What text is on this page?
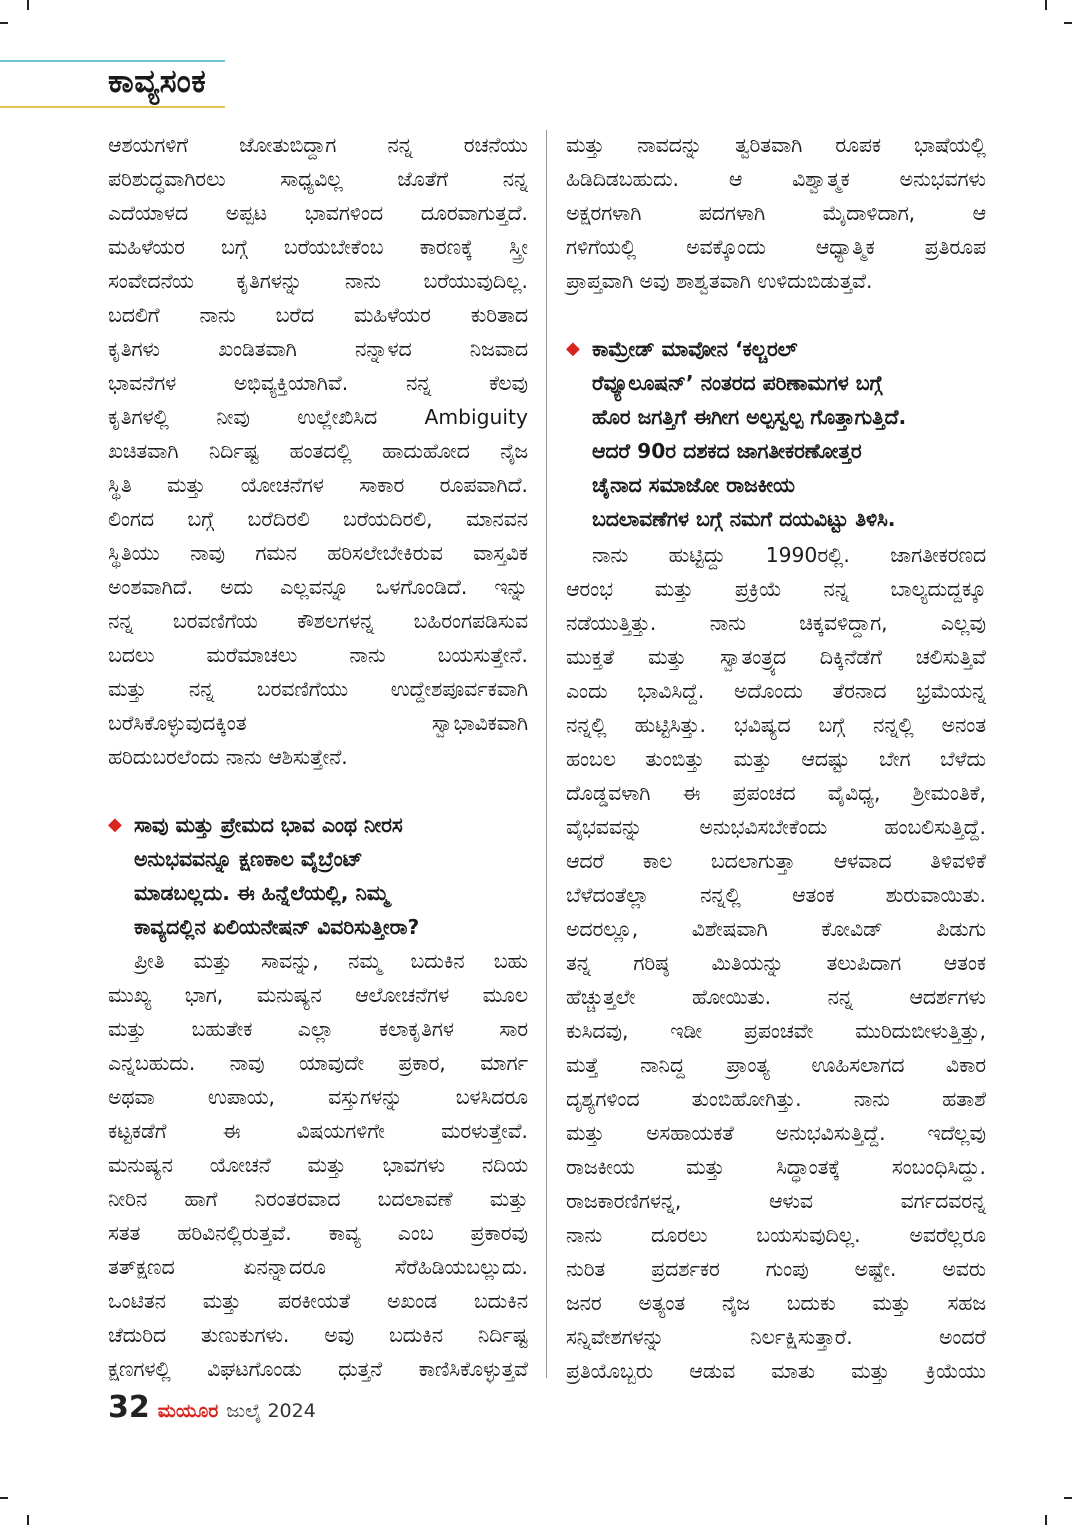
ಕಾವ್ಯಸಂಕ

ಆಶಯಗಳಿಗೆ ಜೋತುಬಿದ್ದಾಗ ನನ್ನ ರಚನೆಯು

ಪರಿಶುದ್ಧವಾಗಿರಲು ಸಾಧ್ಯವಿಲ್ಲ ಜೊತೆಗೆ ನನ್ನ

ಎದೆಯಾಳದ ಅಪ್ಪಟ ಭಾವಗಳಿಂದ ದೂರವಾಗುತ್ತದೆ.

ಮಹಿಳೆಯರ ಬಗ್ಗೆ ಬರೆಯಬೇಕೆಂಬ ಕಾರಣಕ್ಕೆ ಸ್ತ್ರೀ

ಸಂವೇದನೆಯ ಕೃತಿಗಳನ್ನು ನಾನು ಬರೆಯುವುದಿಲ್ಲ.

ಬದಲಿಗೆ ನಾನು ಬರೆದ ಮಹಿಳೆಯರ ಕುರಿತಾದ

ಕೃತಿಗಳು ಖಂಡಿತವಾಗಿ ನನ್ನಾಳದ ನಿಜವಾದ

ಭಾವನೆಗಳ ಅಭಿವ್ಯಕ್ತಿಯಾಗಿವೆ. ನನ್ನ ಕೆಲವು

ಕೃತಿಗಳಲ್ಲಿ ನೀವು ಉಲ್ಲೇಖಿಸಿದ Ambiguity

ಖಚಿತವಾಗಿ ನಿರ್ದಿಷ್ಟ ಹಂತದಲ್ಲಿ ಹಾದುಹೋದ ನೈಜ

ಸ್ಥಿತಿ ಮತ್ತು ಯೋಚನೆಗಳ ಸಾಕಾರ ರೂಪವಾಗಿದೆ.

ಲಿಂಗದ ಬಗ್ಗೆ ಬರೆದಿರಲಿ ಬರೆಯದಿರಲಿ, ಮಾನವನ

ಸ್ಥಿತಿಯು ನಾವು ಗಮನ ಹರಿಸಲೇಬೇಕಿರುವ ವಾಸ್ತವಿಕ

ಅಂಶವಾಗಿದೆ. ಅದು ಎಲ್ಲವನ್ನೂ ಒಳಗೊಂಡಿದೆ. ಇನ್ನು

ನನ್ನ ಬರವಣಿಗೆಯ ಕೌಶಲಗಳನ್ನ ಬಹಿರಂಗಪಡಿಸುವ

ಬದಲು ಮರೆಮಾಚಲು ನಾನು ಬಯಸುತ್ತೇನೆ.

ಮತ್ತು ನನ್ನ ಬರವಣಿಗೆಯು ಉದ್ದೇಶಪೂರ್ವಕವಾಗಿ

ಬರೆಸಿಕೊಳ್ಳುವುದಕ್ಕಿಂತ ಸ್ವಾಭಾವಿಕವಾಗಿ

ಹರಿದುಬರಲೆಂದು ನಾನು ಆಶಿಸುತ್ತೇನೆ.

◆ ಸಾವು ಮತ್ತು ಪ್ರೇಮದ ಭಾವ ಎಂಥ ನೀರಸ
ಅನುಭವವನ್ನೂ ಕ್ಷಣಕಾಲ ವೈಬ್ರೆಂಟ್
ಮಾಡಬಲ್ಲದು. ಈ ಹಿನ್ನೆಲೆಯಲ್ಲಿ, ನಿಮ್ಮ
ಕಾವ್ಯದಲ್ಲಿನ ಏಲಿಯನೇಷನ್ ವಿವರಿಸುತ್ತೀರಾ?

ಪ್ರೀತಿ ಮತ್ತು ಸಾವನ್ನು, ನಮ್ಮ ಬದುಕಿನ ಬಹು

ಮುಖ್ಯ ಭಾಗ, ಮನುಷ್ಯನ ಆಲೋಚನೆಗಳ ಮೂಲ

ಮತ್ತು ಬಹುತೇಕ ಎಲ್ಲಾ ಕಲಾಕೃತಿಗಳ ಸಾರ

ಎನ್ನಬಹುದು. ನಾವು ಯಾವುದೇ ಪ್ರಕಾರ, ಮಾರ್ಗ

ಅಥವಾ ಉಪಾಯ, ವಸ್ತುಗಳನ್ನು ಬಳಸಿದರೂ

ಕಟ್ಟಕಡೆಗೆ ಈ ವಿಷಯಗಳಿಗೇ ಮರಳುತ್ತೇವೆ.

ಮನುಷ್ಯನ ಯೋಚನೆ ಮತ್ತು ಭಾವಗಳು ನದಿಯ

ನೀರಿನ ಹಾಗೆ ನಿರಂತರವಾದ ಬದಲಾವಣೆ ಮತ್ತು

ಸತತ ಹರಿವಿನಲ್ಲಿರುತ್ತವೆ. ಕಾವ್ಯ ಎಂಬ ಪ್ರಕಾರವು

ತತ್ಕ್ಷಣದ ಏನನ್ನಾದರೂ ಸೆರೆಹಿಡಿಯಬಲ್ಲುದು.

ಒಂಟಿತನ ಮತ್ತು ಪರಕೀಯತೆ ಅಖಂಡ ಬದುಕಿನ

ಚೆದುರಿದ ತುಣುಕುಗಳು. ಅವು ಬದುಕಿನ ನಿರ್ದಿಷ್ಟ

ಕ್ಷಣಗಳಲ್ಲಿ ವಿಘಟಗೊಂಡು ಧುತ್ತನೆ ಕಾಣಿಸಿಕೊಳ್ಳುತ್ತವೆ

ಮತ್ತು ನಾವದನ್ನು ತ್ವರಿತವಾಗಿ ರೂಪಕ ಭಾಷೆಯಲ್ಲಿ

ಹಿಡಿದಿಡಬಹುದು. ಆ ವಿಶ್ವಾತ್ಮಕ ಅನುಭವಗಳು

ಅಕ್ಷರಗಳಾಗಿ ಪದಗಳಾಗಿ ಮೈದಾಳಿದಾಗ, ಆ

ಗಳಿಗೆಯಲ್ಲಿ ಅವಕ್ಕೊಂದು ಆಧ್ಯಾತ್ಮಿಕ ಪ್ರತಿರೂಪ

ಪ್ರಾಪ್ತವಾಗಿ ಅವು ಶಾಶ್ವತವಾಗಿ ಉಳಿದುಬಿಡುತ್ತವೆ.

◆ ಕಾಮ್ರೇಡ್ ಮಾವೋನ ‘ಕಲ್ಚರಲ್
ರೆವ್ಯೂಲೂಷನ್’ ನಂತರದ ಪರಿಣಾಮಗಳ ಬಗ್ಗೆ
ಹೊರ ಜಗತ್ತಿಗೆ ಈಗೀಗ ಅಲ್ಪಸ್ವಲ್ಪ ಗೊತ್ತಾಗುತ್ತಿದೆ.
ಆದರೆ 90ರ ದಶಕದ ಜಾಗತೀಕರಣೋತ್ತರ
ಚೈನಾದ ಸಮಾಜೋ ರಾಜಕೀಯ
ಬದಲಾವಣೆಗಳ ಬಗ್ಗೆ ನಮಗೆ ದಯವಿಟ್ಟು ತಿಳಿಸಿ.

ನಾನು ಹುಟ್ಟಿದ್ದು 1990ರಲ್ಲಿ. ಜಾಗತೀಕರಣದ

ಆರಂಭ ಮತ್ತು ಪ್ರಕ್ರಿಯೆ ನನ್ನ ಬಾಲ್ಯದುದ್ದಕ್ಕೂ

ನಡೆಯುತ್ತಿತ್ತು. ನಾನು ಚಿಕ್ಕವಳಿದ್ದಾಗ, ಎಲ್ಲವು

ಮುಕ್ತತೆ ಮತ್ತು ಸ್ವಾತಂತ್ರ್ಯದ ದಿಕ್ಕಿನೆಡೆಗೆ ಚಲಿಸುತ್ತಿವೆ

ಎಂದು ಭಾವಿಸಿದ್ದೆ. ಅದೊಂದು ತೆರನಾದ ಭ್ರಮೆಯನ್ನ

ನನ್ನಲ್ಲಿ ಹುಟ್ಟಿಸಿತ್ತು. ಭವಿಷ್ಯದ ಬಗ್ಗೆ ನನ್ನಲ್ಲಿ ಅನಂತ

ಹಂಬಲ ತುಂಬಿತ್ತು ಮತ್ತು ಆದಷ್ಟು ಬೇಗ ಬೆಳೆದು

ದೊಡ್ಡವಳಾಗಿ ಈ ಪ್ರಪಂಚದ ವೈವಿಧ್ಯ, ಶ್ರೀಮಂತಿಕೆ,

ವೈಭವವನ್ನು ಅನುಭವಿಸಬೇಕೆಂದು ಹಂಬಲಿಸುತ್ತಿದ್ದೆ.

ಆದರೆ ಕಾಲ ಬದಲಾಗುತ್ತಾ ಆಳವಾದ ತಿಳಿವಳಿಕೆ

ಬೆಳೆದಂತೆಲ್ಲಾ ನನ್ನಲ್ಲಿ ಆತಂಕ ಶುರುವಾಯಿತು.

ಅದರಲ್ಲೂ, ವಿಶೇಷವಾಗಿ ಕೋವಿಡ್ ಪಿಡುಗು

ತನ್ನ ಗರಿಷ್ಠ ಮಿತಿಯನ್ನು ತಲುಪಿದಾಗ ಆತಂಕ

ಹೆಚ್ಚುತ್ತಲೇ ಹೋಯಿತು. ನನ್ನ ಆದರ್ಶಗಳು

ಕುಸಿದವು, ಇಡೀ ಪ್ರಪಂಚವೇ ಮುರಿದುಬೀಳುತ್ತಿತ್ತು,

ಮತ್ತೆ ನಾನಿದ್ದ ಪ್ರಾಂತ್ಯ ಊಹಿಸಲಾಗದ ವಿಕಾರ

ದೃಶ್ಯಗಳಿಂದ ತುಂಬಿಹೋಗಿತ್ತು. ನಾನು ಹತಾಶೆ

ಮತ್ತು ಅಸಹಾಯಕತೆ ಅನುಭವಿಸುತ್ತಿದ್ದೆ. ಇದೆಲ್ಲವು

ರಾಜಕೀಯ ಮತ್ತು ಸಿದ್ಧಾಂತಕ್ಕೆ ಸಂಬಂಧಿಸಿದ್ದು.

ರಾಜಕಾರಣಿಗಳನ್ನ, ಆಳುವ ವರ್ಗದವರನ್ನ

ನಾನು ದೂರಲು ಬಯಸುವುದಿಲ್ಲ. ಅವರೆಲ್ಲರೂ

ನುರಿತ ಪ್ರದರ್ಶಕರ ಗುಂಪು ಅಷ್ಟೇ. ಅವರು

ಜನರ ಅತ್ಯಂತ ನೈಜ ಬದುಕು ಮತ್ತು ಸಹಜ

ಸನ್ನಿವೇಶಗಳನ್ನು ನಿರ್ಲಕ್ಷಿಸುತ್ತಾರೆ. ಅಂದರೆ

ಪ್ರತಿಯೊಬ್ಬರು ಆಡುವ ಮಾತು ಮತ್ತು ಕ್ರಿಯೆಯು

32 ಮಯೂರ ಜುಲೈ 2024
